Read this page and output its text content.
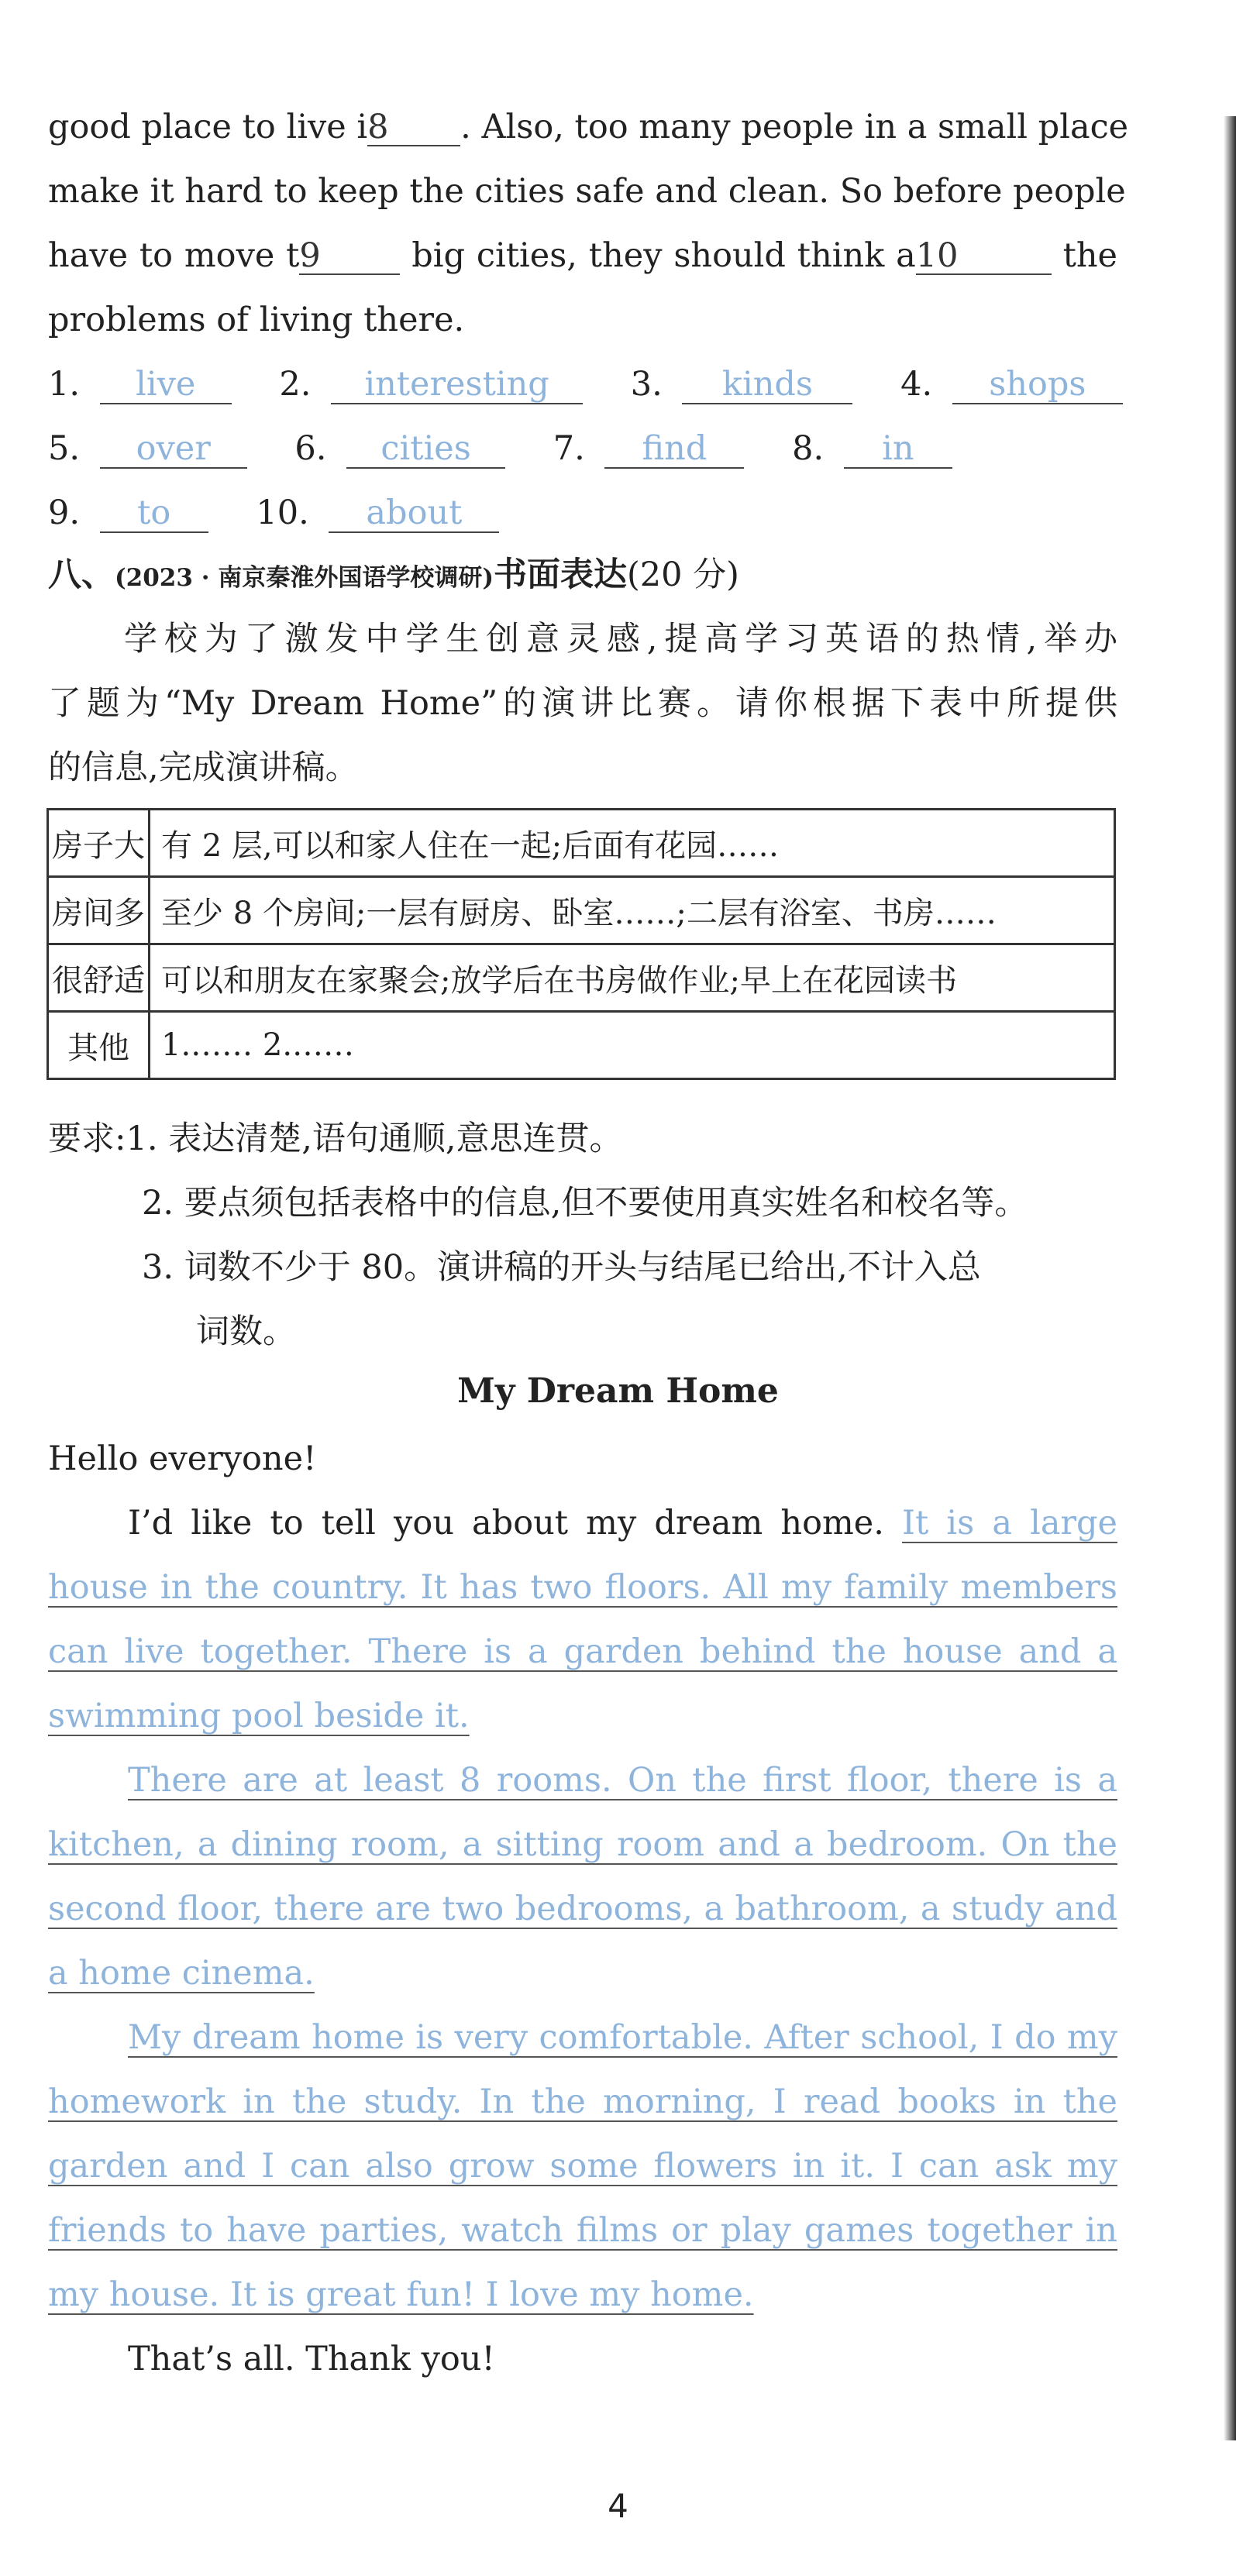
good place to live i8 . Also, too many people in a small place
make it hard to keep the cities safe and clean. So before people
have to move t9	big cities, they should think a10	the
problems of living there.
1. live	2. interesting 3. kinds	4. shops
5. over	6. cities 7. find	8. in
9. to	10. about
八、(2023 · 南京秦淮外国语学校调研)书面表达(20 分)
学校为了激发中学生创意灵感,提高学习英语的热情,举办
了题为“My Dream Home”的演讲比赛。请你根据下表中所提供
的信息,完成演讲稿。
房子大	有 2 层,可以和家人住在一起;后面有花园……
房间多	至少 8 个房间;一层有厨房、卧室……;二层有浴室、书房……
很舒适	可以和朋友在家聚会;放学后在书房做作业;早上在花园读书
其他	1.…… 2.……
要求:1. 表达清楚,语句通顺,意思连贯。
2. 要点须包括表格中的信息,但不要使用真实姓名和校名等。
3. 词数不少于 80。演讲稿的开头与结尾已给出,不计入总
词数。
My Dream Home
Hello everyone!
I’d like to tell you about my dream home. It is a large
house in the country. It has two floors. All my family members
can live together. There is a garden behind the house and a
swimming pool beside it.
There are at least 8 rooms. On the first floor, there is a
kitchen, a dining room, a sitting room and a bedroom. On the
second floor, there are two bedrooms, a bathroom, a study and
a home cinema.
My dream home is very comfortable. After school, I do my
homework in the study. In the morning, I read books in the
garden and I can also grow some flowers in it. I can ask my
friends to have parties, watch films or play games together in
my house. It is great fun! I love my home.
That’s all. Thank you!
4
